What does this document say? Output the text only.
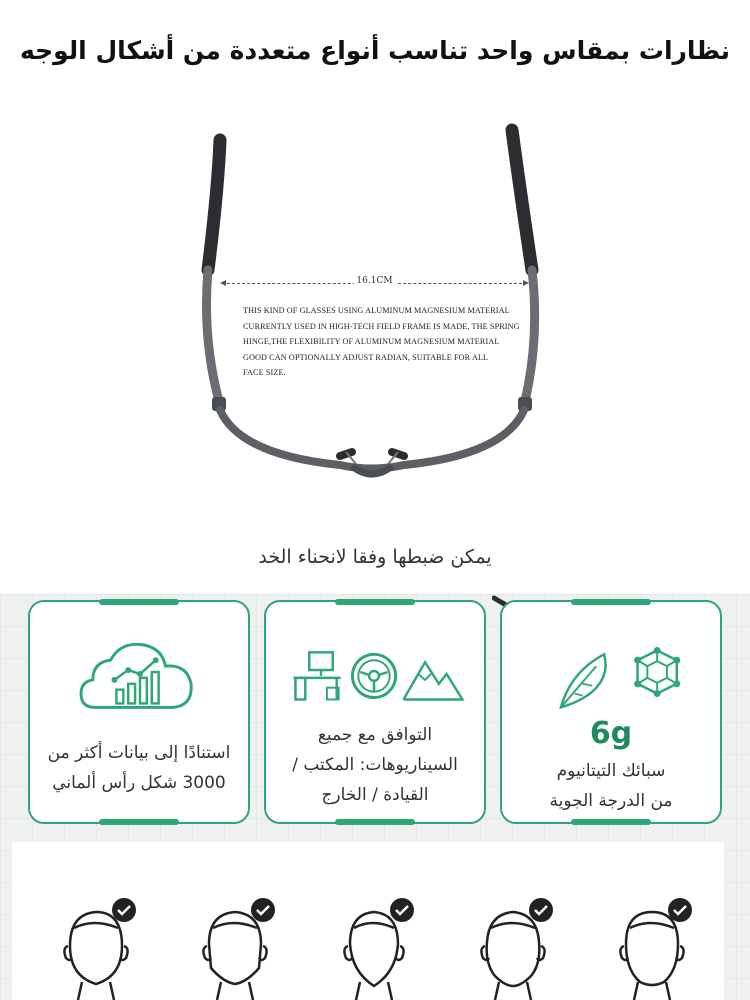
نظارات بمقاس واحد تناسب أنواع متعددة من أشكال الوجه
16.1CM
THIS KIND OF GLASSES USING ALUMINUM MAGNESIUM MATERIAL
CURRENTLY USED IN HIGH-TECH FIELD FRAME IS MADE, THE SPRING
HINGE,THE FLEXIBILITY OF ALUMINUM MAGNESIUM MATERIAL
GOOD CAN OPTIONALLY ADJUST RADIAN, SUITABLE FOR ALL
FACE SIZE.
يمكن ضبطها وفقا لانحناء الخد
استنادًا إلى بيانات أكثر من
3000 شكل رأس ألماني
التوافق مع جميع
السيناريوهات: المكتب /
القيادة / الخارج
6g
سبائك التيتانيوم
من الدرجة الجوية
